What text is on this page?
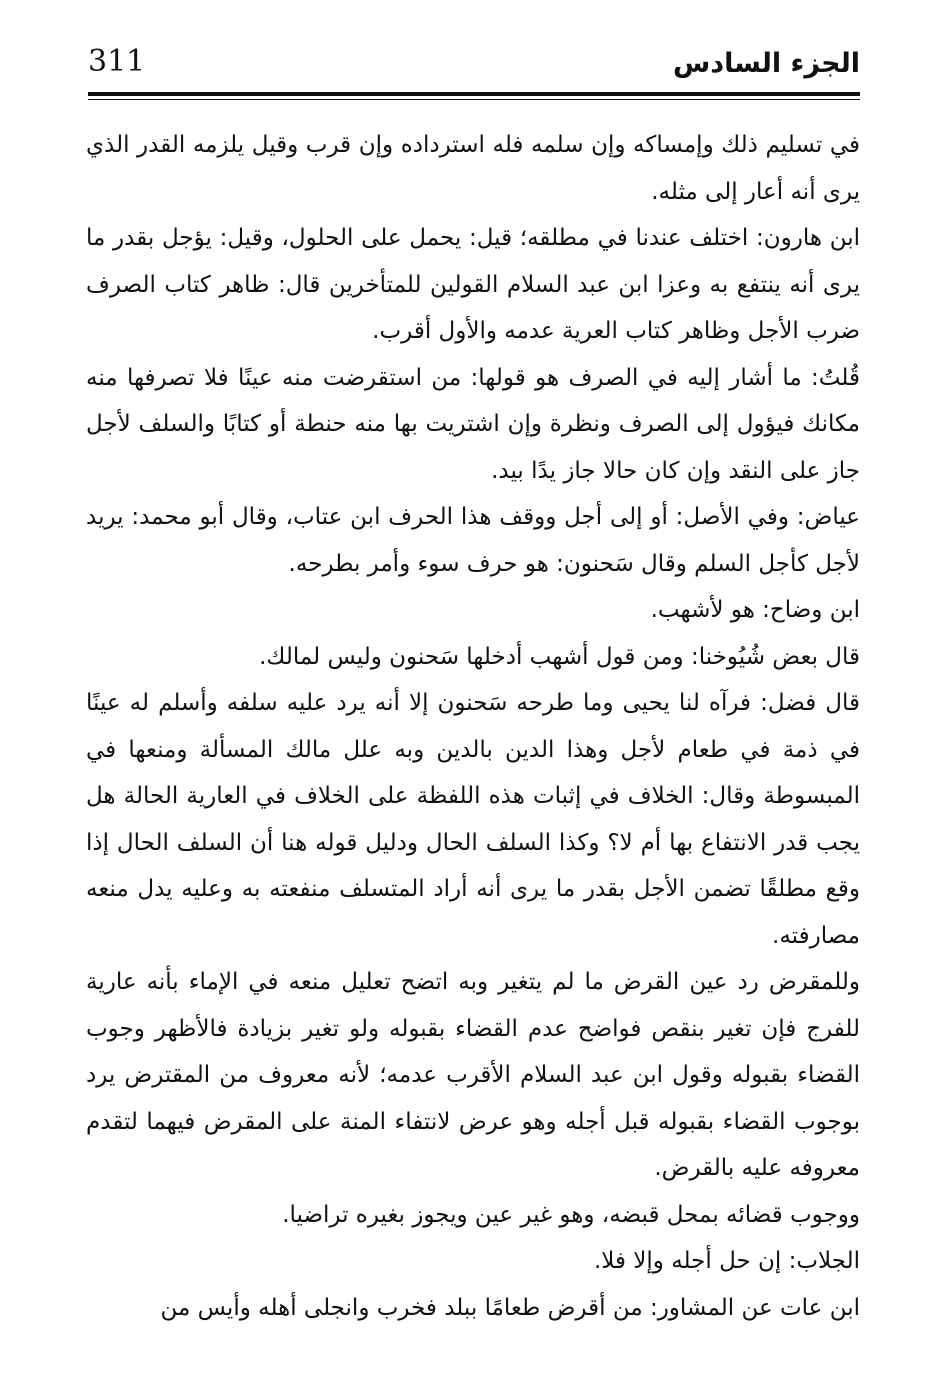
311	الجزء السادس

في تسليم ذلك وإمساكه وإن سلمه فله استرداده وإن قرب وقيل يلزمه القدر الذي يرى أنه أعار إلى مثله.

ابن هارون: اختلف عندنا في مطلقه؛ قيل: يحمل على الحلول، وقيل: يؤجل بقدر ما يرى أنه ينتفع به وعزا ابن عبد السلام القولين للمتأخرين قال: ظاهر كتاب الصرف ضرب الأجل وظاهر كتاب العرية عدمه والأول أقرب.

قُلتُ: ما أشار إليه في الصرف هو قولها: من استقرضت منه عينًا فلا تصرفها منه مكانك فيؤول إلى الصرف ونظرة وإن اشتريت بها منه حنطة أو كتابًا والسلف لأجل جاز على النقد وإن كان حالا جاز يدًا بيد.

عياض: وفي الأصل: أو إلى أجل ووقف هذا الحرف ابن عتاب، وقال أبو محمد: يريد لأجل كأجل السلم وقال سَحنون: هو حرف سوء وأمر بطرحه.

ابن وضاح: هو لأشهب.

قال بعض شُيُوخنا: ومن قول أشهب أدخلها سَحنون وليس لمالك.

قال فضل: فرآه لنا يحيى وما طرحه سَحنون إلا أنه يرد عليه سلفه وأسلم له عينًا في ذمة في طعام لأجل وهذا الدين بالدين وبه علل مالك المسألة ومنعها في المبسوطة وقال: الخلاف في إثبات هذه اللفظة على الخلاف في العارية الحالة هل يجب قدر الانتفاع بها أم لا؟ وكذا السلف الحال ودليل قوله هنا أن السلف الحال إذا وقع مطلقًا تضمن الأجل بقدر ما يرى أنه أراد المتسلف منفعته به وعليه يدل منعه مصارفته.

وللمقرض رد عين القرض ما لم يتغير وبه اتضح تعليل منعه في الإماء بأنه عارية للفرج فإن تغير بنقص فواضح عدم القضاء بقبوله ولو تغير بزيادة فالأظهر وجوب القضاء بقبوله وقول ابن عبد السلام الأقرب عدمه؛ لأنه معروف من المقترض يرد بوجوب القضاء بقبوله قبل أجله وهو عرض لانتفاء المنة على المقرض فيهما لتقدم معروفه عليه بالقرض.

ووجوب قضائه بمحل قبضه، وهو غير عين ويجوز بغيره تراضيا.

الجلاب: إن حل أجله وإلا فلا.

ابن عات عن المشاور: من أقرض طعامًا ببلد فخرب وانجلى أهله وأيس من
